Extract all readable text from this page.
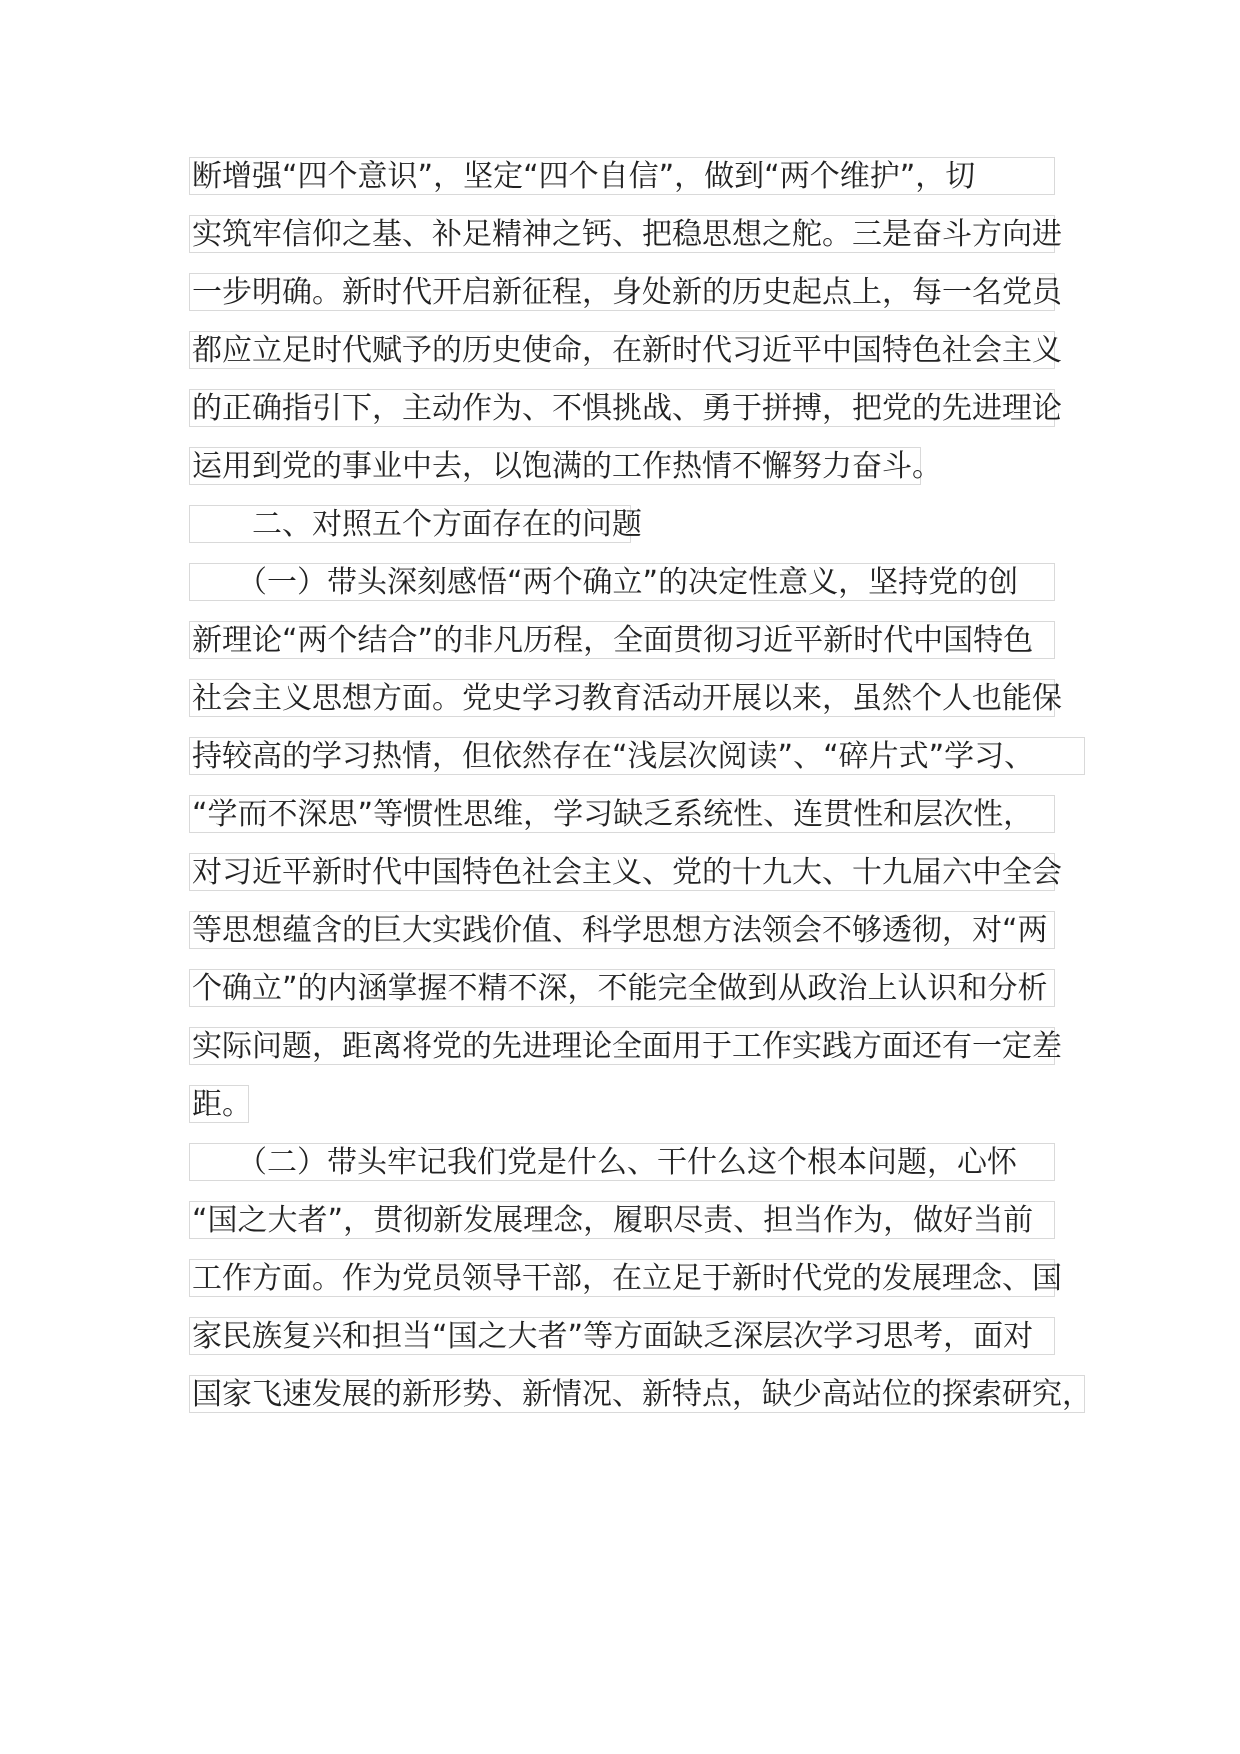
断增强“四个意识”，坚定“四个自信”，做到“两个维护”，切
实筑牢信仰之基、补足精神之钙、把稳思想之舵。三是奋斗方向进
一步明确。新时代开启新征程，身处新的历史起点上，每一名党员
都应立足时代赋予的历史使命，在新时代习近平中国特色社会主义
的正确指引下，主动作为、不惧挑战、勇于拼搏，把党的先进理论
运用到党的事业中去，以饱满的工作热情不懈努力奋斗。
　　二、对照五个方面存在的问题
　　（一）带头深刻感悟“两个确立”的决定性意义，坚持党的创
新理论“两个结合”的非凡历程，全面贯彻习近平新时代中国特色
社会主义思想方面。党史学习教育活动开展以来，虽然个人也能保
持较高的学习热情，但依然存在“浅层次阅读”、“碎片式”学习、
“学而不深思”等惯性思维，学习缺乏系统性、连贯性和层次性，
对习近平新时代中国特色社会主义、党的十九大、十九届六中全会
等思想蕴含的巨大实践价值、科学思想方法领会不够透彻，对“两
个确立”的内涵掌握不精不深，不能完全做到从政治上认识和分析
实际问题，距离将党的先进理论全面用于工作实践方面还有一定差
距。
　　（二）带头牢记我们党是什么、干什么这个根本问题，心怀
“国之大者”，贯彻新发展理念，履职尽责、担当作为，做好当前
工作方面。作为党员领导干部，在立足于新时代党的发展理念、国
家民族复兴和担当“国之大者”等方面缺乏深层次学习思考，面对
国家飞速发展的新形势、新情况、新特点，缺少高站位的探索研究，
